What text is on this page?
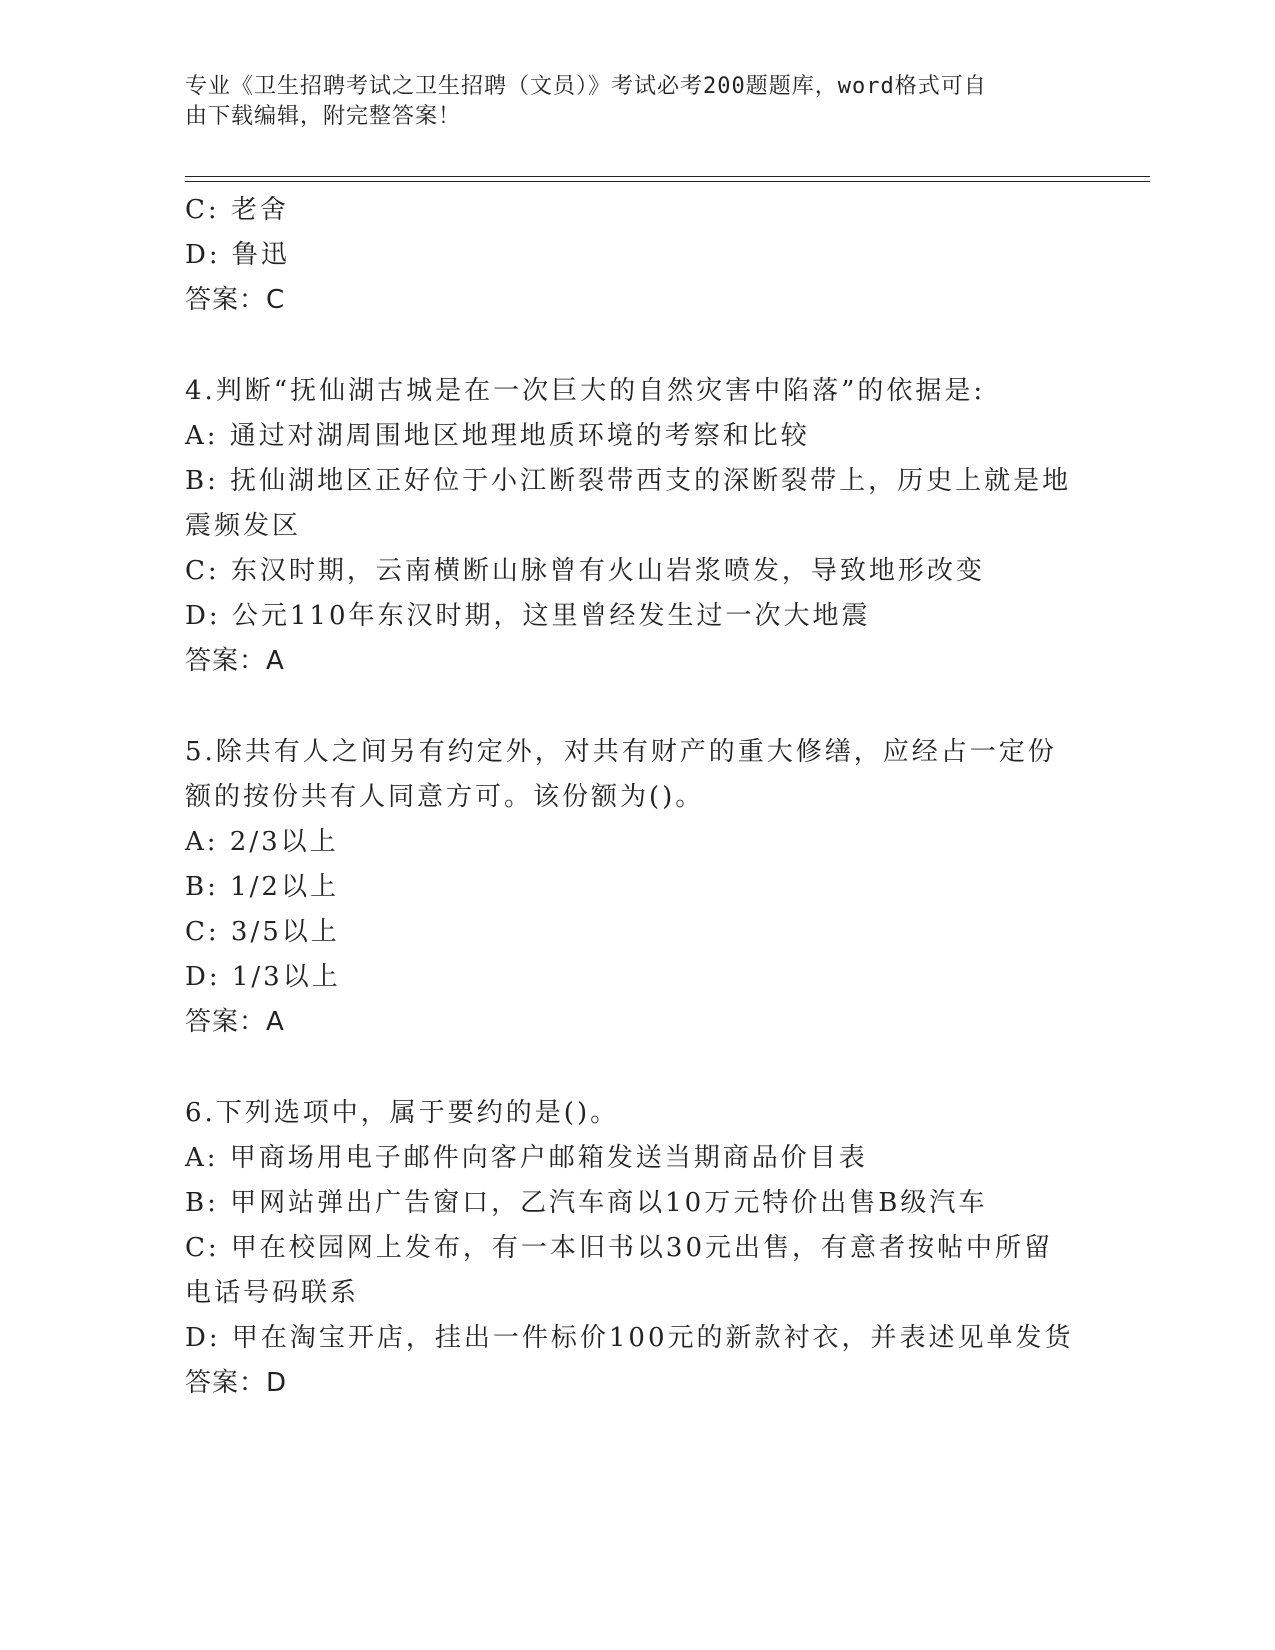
专业《卫生招聘考试之卫生招聘（文员）》考试必考200题题库，word格式可自
由下载编辑，附完整答案！

C: 老舍

D: 鲁迅

答案：C

4.判断“抚仙湖古城是在一次巨大的自然灾害中陷落”的依据是:

A: 通过对湖周围地区地理地质环境的考察和比较

B: 抚仙湖地区正好位于小江断裂带西支的深断裂带上，历史上就是地

震频发区

C: 东汉时期，云南横断山脉曾有火山岩浆喷发，导致地形改变

D: 公元110年东汉时期，这里曾经发生过一次大地震

答案：A

5.除共有人之间另有约定外，对共有财产的重大修缮，应经占一定份

额的按份共有人同意方可。该份额为()。

A: 2/3以上

B: 1/2以上

C: 3/5以上

D: 1/3以上

答案：A

6.下列选项中，属于要约的是()。

A: 甲商场用电子邮件向客户邮箱发送当期商品价目表

B: 甲网站弹出广告窗口，乙汽车商以10万元特价出售B级汽车

C: 甲在校园网上发布，有一本旧书以30元出售，有意者按帖中所留

电话号码联系

D: 甲在淘宝开店，挂出一件标价100元的新款衬衣，并表述见单发货

答案：D
